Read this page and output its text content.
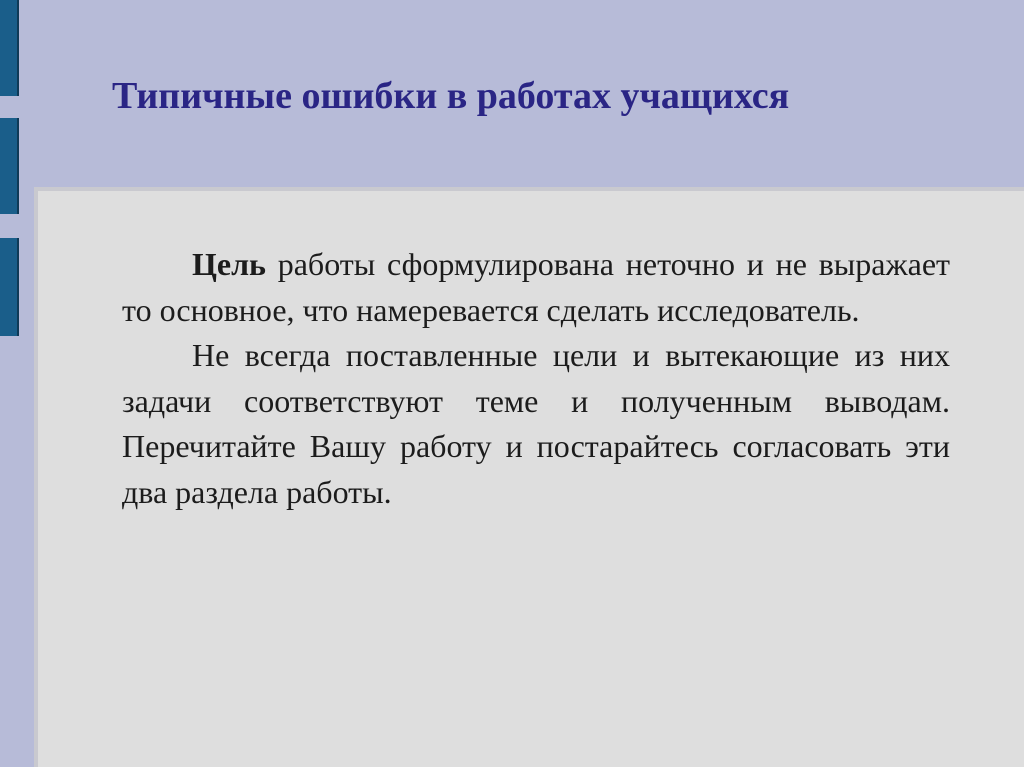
Типичные ошибки в работах учащихся

Цель работы сформулирована неточно и не выражает то основное, что намеревается сделать исследователь.

Не всегда поставленные цели и вытекающие из них задачи соответствуют теме и полученным выводам. Перечитайте Вашу работу и постарайтесь согласовать эти два раздела работы.
